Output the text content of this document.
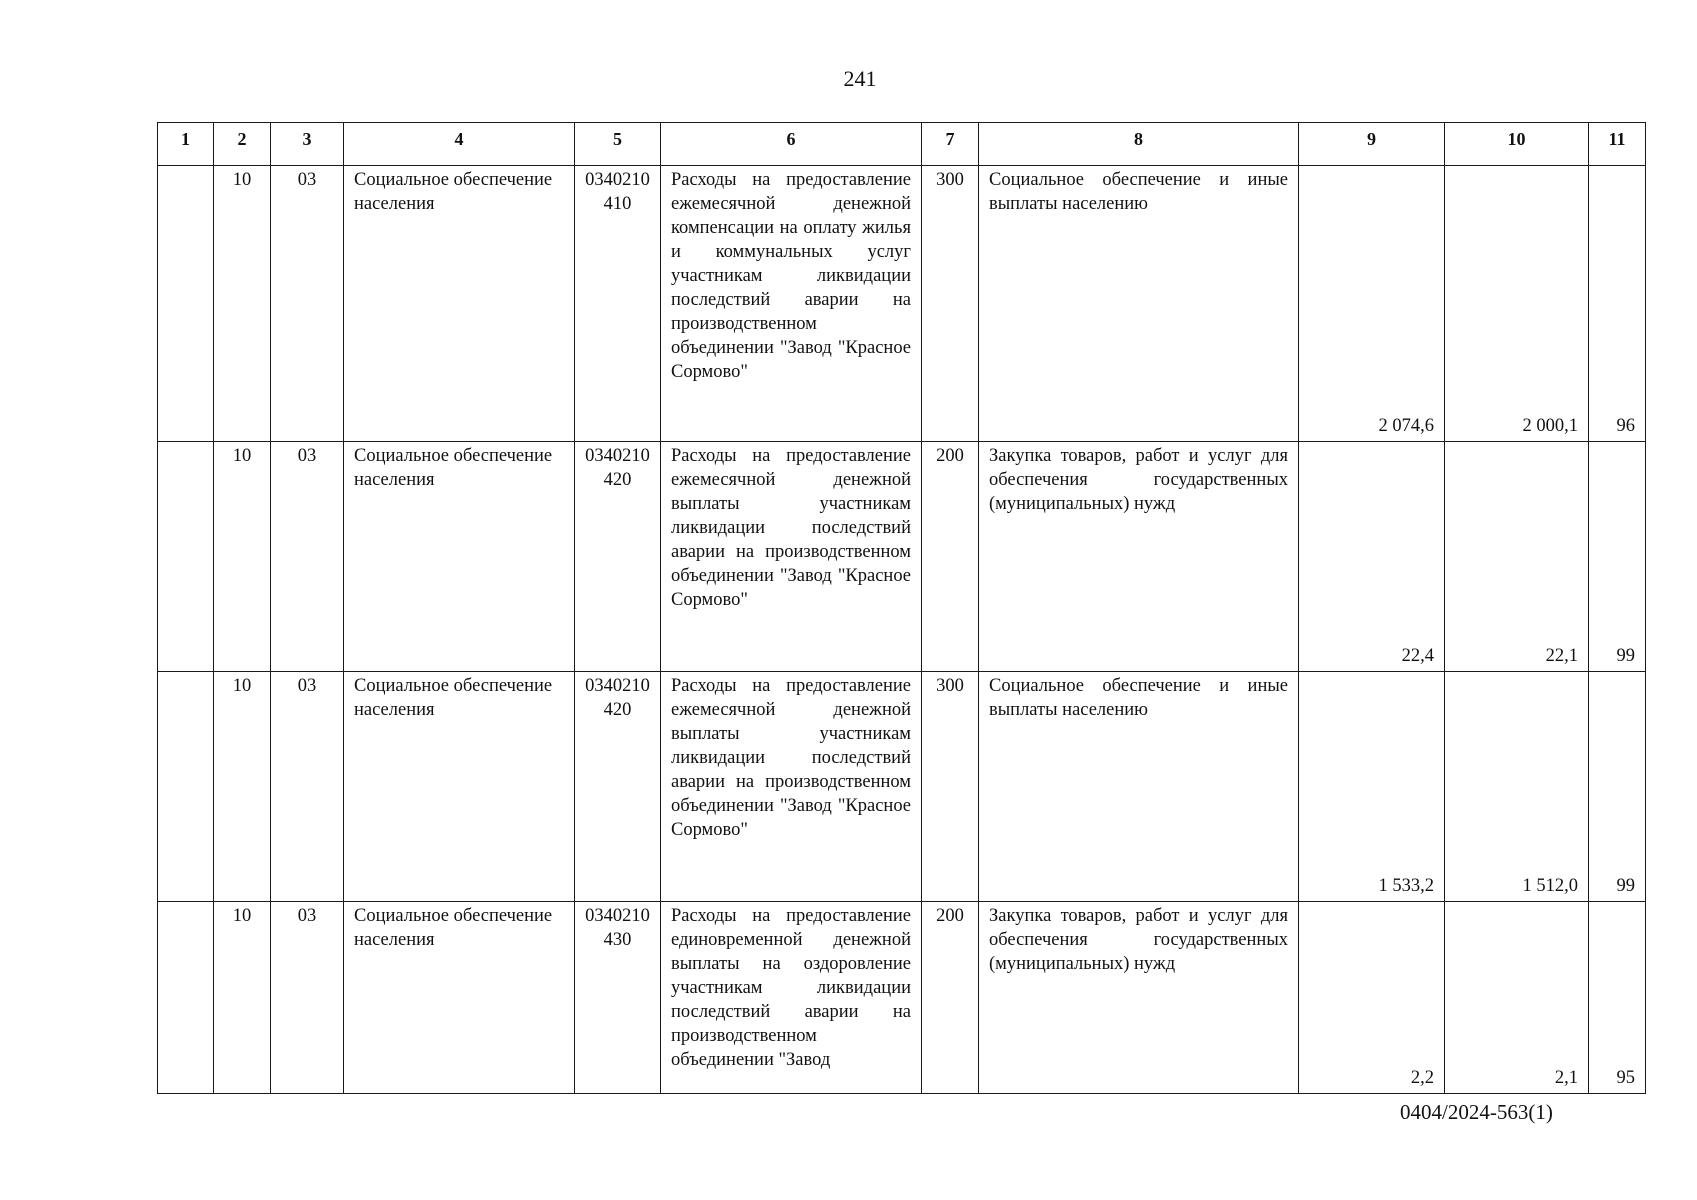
241
1	2	3	4	5	6	7	8	9	10	11
	10	03	Социальное обеспечение населения	0340210410	Расходы на предоставление ежемесячной денежной компенсации на оплату жилья и коммунальных услуг участникам ликвидации последствий аварии на производственном объединении "Завод "Красное Сормово"	300	Социальное обеспечение и иные выплаты населению	2 074,6	2 000,1	96
	10	03	Социальное обеспечение населения	0340210420	Расходы на предоставление ежемесячной денежной выплаты участникам ликвидации последствий аварии на производственном объединении "Завод "Красное Сормово"	200	Закупка товаров, работ и услуг для обеспечения государственных (муниципальных) нужд	22,4	22,1	99
	10	03	Социальное обеспечение населения	0340210420	Расходы на предоставление ежемесячной денежной выплаты участникам ликвидации последствий аварии на производственном объединении "Завод "Красное Сормово"	300	Социальное обеспечение и иные выплаты населению	1 533,2	1 512,0	99
	10	03	Социальное обеспечение населения	0340210430	Расходы на предоставление единовременной денежной выплаты на оздоровление участникам ликвидации последствий аварии на производственном объединении "Завод	200	Закупка товаров, работ и услуг для обеспечения государственных (муниципальных) нужд	2,2	2,1	95
0404/2024-563(1)
